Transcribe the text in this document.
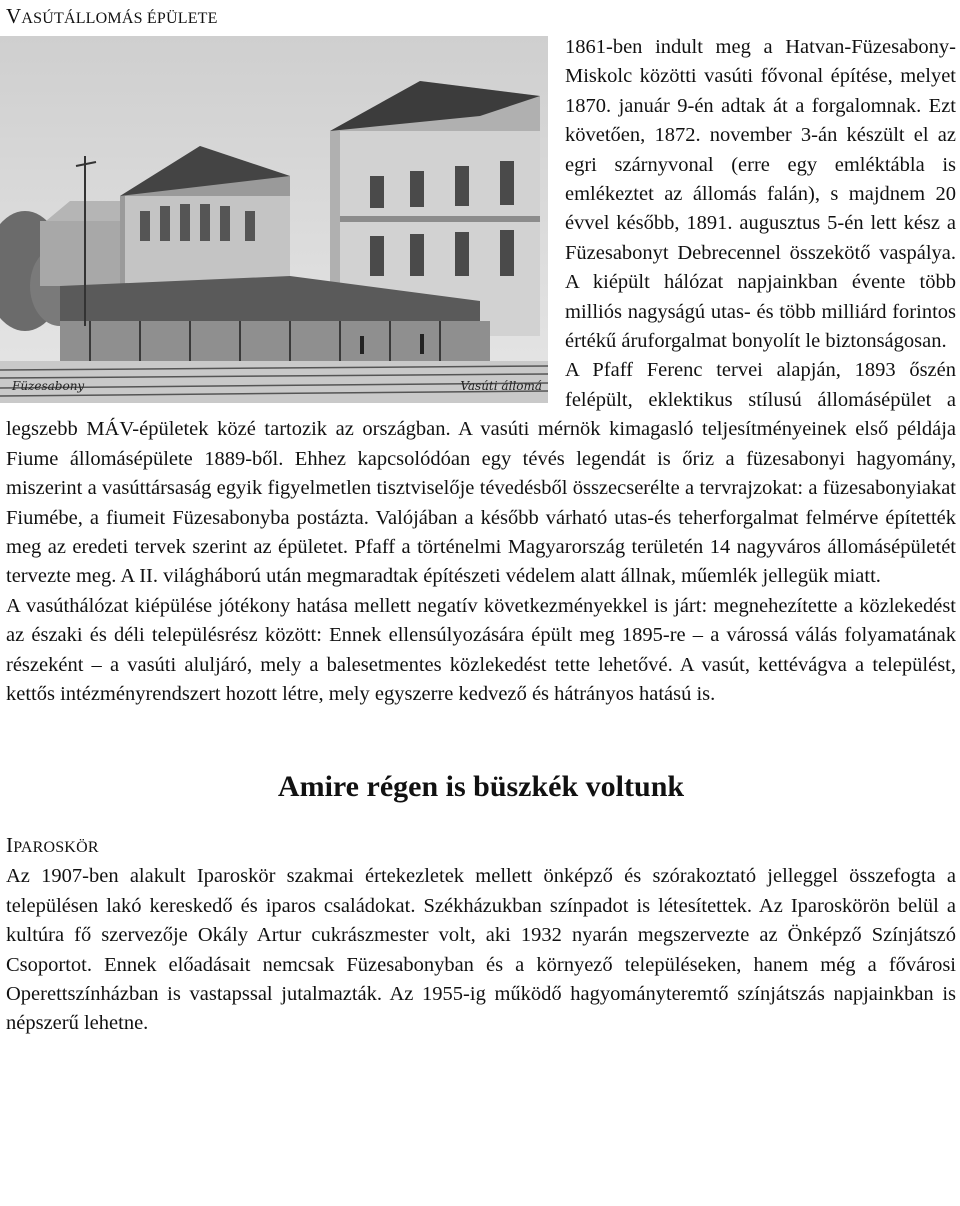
VASÚTÁLLOMÁS ÉPÜLETE
Füzesabony	Vasúti állomá

1861-ben indult meg a Hatvan-Füzesabony-Miskolc közötti vasúti fővonal építése, melyet 1870. január 9-én adtak át a forgalomnak. Ezt követően, 1872. november 3-án készült el az egri szárnyvonal (erre egy emléktábla is emlékeztet az állomás falán), s majdnem 20 évvel később, 1891. augusztus 5-én lett kész a Füzesabonyt Debrecennel összekötő vaspálya. A kiépült hálózat napjainkban évente több milliós nagyságú utas- és több milliárd forintos értékű áruforgalmat bonyolít le biztonságosan.

A Pfaff Ferenc tervei alapján, 1893 őszén felépült, eklektikus stílusú állomásépület a legszebb MÁV-épületek közé tartozik az országban. A vasúti mérnök kimagasló teljesítményeinek első példája Fiume állomásépülete 1889-ből. Ehhez kapcsolódóan egy tévés legendát is őriz a füzesabonyi hagyomány, miszerint a vasúttársaság egyik figyelmetlen tisztviselője tévedésből összecserélte a tervrajzokat: a füzesabonyiakat Fiumébe, a fiumeit Füzesabonyba postázta. Valójában a később várható utas-és teherforgalmat felmérve építették meg az eredeti tervek szerint az épületet. Pfaff a történelmi Magyarország területén 14 nagyváros állomásépületét tervezte meg. A II. világháború után megmaradtak építészeti védelem alatt állnak, műemlék jellegük miatt.

A vasúthálózat kiépülése jótékony hatása mellett negatív következményekkel is járt: megnehezítette a közlekedést az északi és déli településrész között: Ennek ellensúlyozására épült meg 1895-re – a várossá válás folyamatának részeként – a vasúti aluljáró, mely a balesetmentes közlekedést tette lehetővé. A vasút, kettévágva a települést, kettős intézményrendszert hozott létre, mely egyszerre kedvező és hátrányos hatású is.

Amire régen is büszkék voltunk
IPAROSKÖR

Az 1907-ben alakult Iparoskör szakmai értekezletek mellett önképző és szórakoztató jelleggel összefogta a településen lakó kereskedő és iparos családokat. Székházukban színpadot is létesítettek. Az Iparoskörön belül a kultúra fő szervezője Okály Artur cukrászmester volt, aki 1932 nyarán megszervezte az Önképző Színjátszó Csoportot. Ennek előadásait nemcsak Füzesabonyban és a környező településeken, hanem még a fővárosi Operettszínházban is vastapssal jutalmazták. Az 1955-ig működő hagyományteremtő színjátszás napjainkban is népszerű lehetne.
